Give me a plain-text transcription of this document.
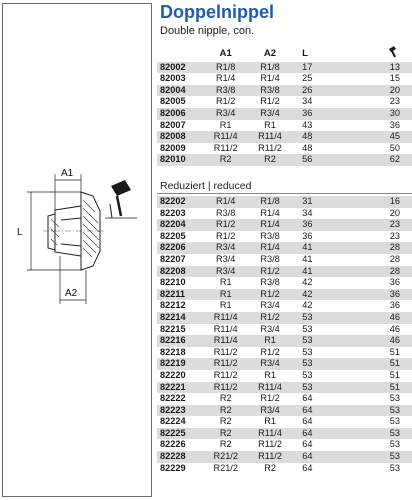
A1
L
A2
Doppelnippel
Double nipple, con.
	A1	A2	L	
82002	R1/8	R1/8	17	13
82003	R1/4	R1/4	25	15
82004	R3/8	R3/8	26	20
82005	R1/2	R1/2	34	23
82006	R3/4	R3/4	36	30
82007	R1	R1	43	36
82008	R11/4	R11/4	48	45
82009	R11/2	R11/2	48	50
82010	R2	R2	56	62
Reduziert | reduced
82202	R1/4	R1/8	31	16
82203	R3/8	R1/4	34	20
82204	R1/2	R1/4	36	23
82205	R1/2	R3/8	36	23
82206	R3/4	R1/4	41	28
82207	R3/4	R3/8	41	28
82208	R3/4	R1/2	41	28
82210	R1	R3/8	42	36
82211	R1	R1/2	42	36
82212	R1	R3/4	42	36
82214	R11/4	R1/2	53	46
82215	R11/4	R3/4	53	46
82216	R11/4	R1	53	46
82218	R11/2	R1/2	53	51
82219	R11/2	R3/4	53	51
82220	R11/2	R1	53	51
82221	R11/2	R11/4	53	51
82222	R2	R1/2	64	53
82223	R2	R3/4	64	53
82224	R2	R1	64	53
82225	R2	R11/4	64	53
82226	R2	R11/2	64	53
82228	R21/2	R11/2	64	53
82229	R21/2	R2	64	53
